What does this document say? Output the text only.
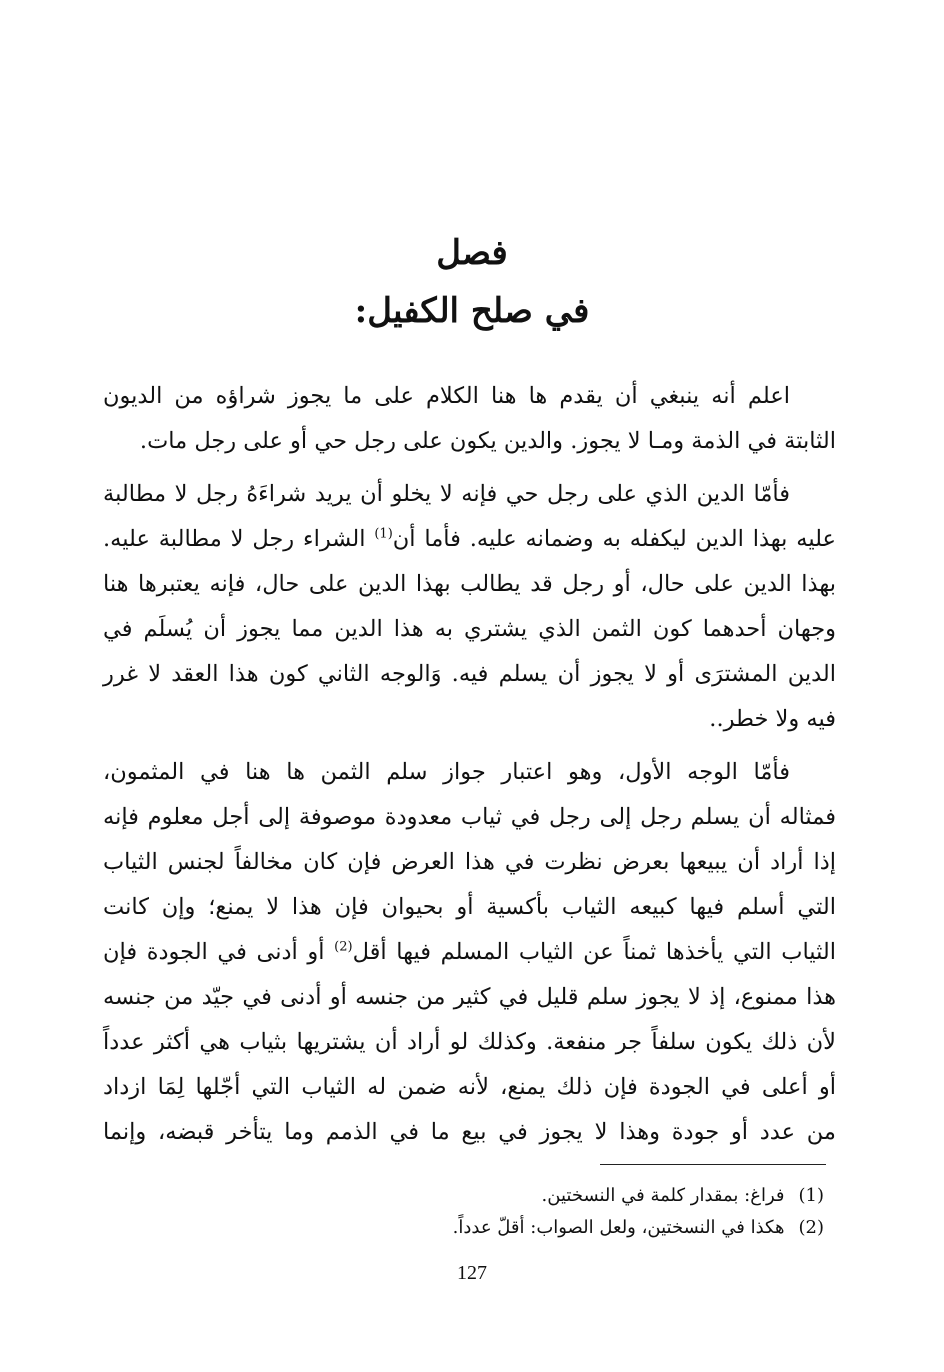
فصل
في صلح الكفيل:
اعلم أنه ينبغي أن يقدم ها هنا الكلام على ما يجوز شراؤه من الديون
الثابتة في الذمة ومـا لا يجوز. والدين يكون على رجل حي أو على رجل مات.
فأمّا الدين الذي على رجل حي فإنه لا يخلو أن يريد شراءَهُ رجل لا مطالبة
عليه بهذا الدين ليكفله به وضمانه عليه. فأما أن$^{(1)}$ الشراء رجل لا مطالبة عليه.
بهذا الدين على حال، أو رجل قد يطالب بهذا الدين على حال، فإنه يعتبرها هنا
وجهان أحدهما كون الثمن الذي يشتري به هذا الدين مما يجوز أن يُسلَم في
الدين المشترَى أو لا يجوز أن يسلم فيه. وَالوجه الثاني كون هذا العقد لا غرر
فيه ولا خطر..
فأمّا الوجه الأول، وهو اعتبار جواز سلم الثمن ها هنا في المثمون،
فمثاله أن يسلم رجل إلى رجل في ثياب معدودة موصوفة إلى أجل معلوم فإنه
إذا أراد أن يبيعها بعرض نظرت في هذا العرض فإن كان مخالفاً لجنس الثياب
التي أسلم فيها كبيعه الثياب بأكسية أو بحيوان فإن هذا لا يمنع؛ وإن كانت
الثياب التي يأخذها ثمناً عن الثياب المسلم فيها أقل$^{(2)}$ أو أدنى في الجودة فإن
هذا ممنوع، إذ لا يجوز سلم قليل في كثير من جنسه أو أدنى في جيّد من جنسه
لأن ذلك يكون سلفاً جر منفعة. وكذلك لو أراد أن يشتريها بثياب هي أكثر عدداً
أو أعلى في الجودة فإن ذلك يمنع، لأنه ضمن له الثياب التي أجّلها لِمَا ازداد
من عدد أو جودة وهذا لا يجوز في بيع ما في الذمم وما يتأخر قبضه، وإنما
(1)فراغ: بمقدار كلمة في النسختين.
(2)هكذا في النسختين، ولعل الصواب: أقلّ عدداً.
127
